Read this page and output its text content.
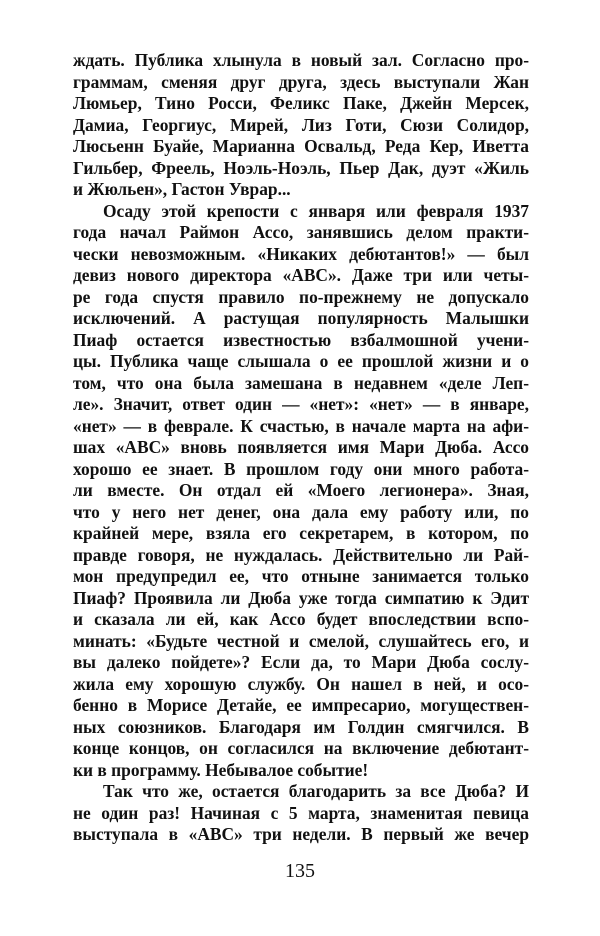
ждать. Публика хлынула в новый зал. Согласно про-
граммам, сменяя друг друга, здесь выступали Жан
Люмьер, Тино Росси, Феликс Паке, Джейн Мерсек,
Дамиа, Георгиус, Мирей, Лиз Готи, Сюзи Солидор,
Люсьенн Буайе, Марианна Освальд, Реда Кер, Иветта
Гильбер, Фреель, Ноэль-Ноэль, Пьер Дак, дуэт «Жиль
и Жюльен», Гастон Уврар...
Осаду этой крепости с января или февраля 1937
года начал Раймон Ассо, занявшись делом практи-
чески невозможным. «Никаких дебютантов!» — был
девиз нового директора «АВС». Даже три или четы-
ре года спустя правило по-прежнему не допускало
исключений. А растущая популярность Малышки
Пиаф остается известностью взбалмошной учени-
цы. Публика чаще слышала о ее прошлой жизни и о
том, что она была замешана в недавнем «деле Леп-
ле». Значит, ответ один — «нет»: «нет» — в январе,
«нет» — в феврале. К счастью, в начале марта на афи-
шах «АВС» вновь появляется имя Мари Дюба. Ассо
хорошо ее знает. В прошлом году они много работа-
ли вместе. Он отдал ей «Моего легионера». Зная,
что у него нет денег, она дала ему работу или, по
крайней мере, взяла его секретарем, в котором, по
правде говоря, не нуждалась. Действительно ли Рай-
мон предупредил ее, что отныне занимается только
Пиаф? Проявила ли Дюба уже тогда симпатию к Эдит
и сказала ли ей, как Ассо будет впоследствии вспо-
минать: «Будьте честной и смелой, слушайтесь его, и
вы далеко пойдете»? Если да, то Мари Дюба сослу-
жила ему хорошую службу. Он нашел в ней, и осо-
бенно в Морисе Детайе, ее импресарио, могуществен-
ных союзников. Благодаря им Голдин смягчился. В
конце концов, он согласился на включение дебютант-
ки в программу. Небывалое событие!
Так что же, остается благодарить за все Дюба? И
не один раз! Начиная с 5 марта, знаменитая певица
выступала в «АВС» три недели. В первый же вечер
135
